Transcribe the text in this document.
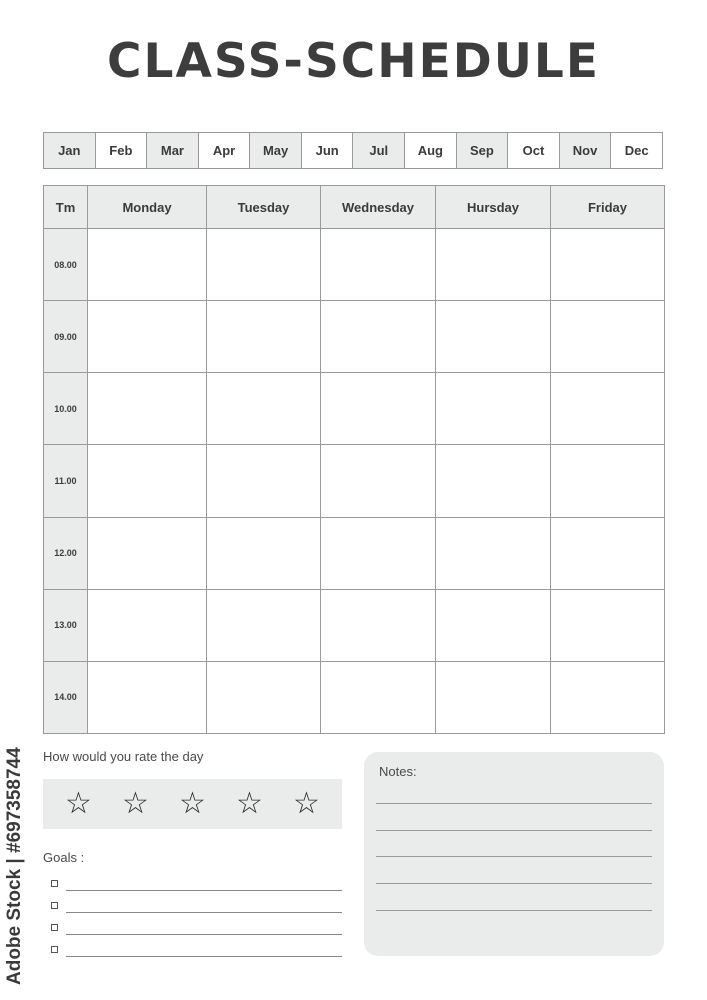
CLASS-SCHEDULE
Jan	Feb	Mar	Apr	May	Jun	Jul	Aug	Sep	Oct	Nov	Dec
Tm	Monday	Tuesday	Wednesday	Hursday	Friday
08.00					
09.00					
10.00					
11.00					
12.00					
13.00					
14.00					
How would you rate the day
☆ ☆ ☆ ☆ ☆
Goals :
Notes:
Adobe Stock | #697358744
